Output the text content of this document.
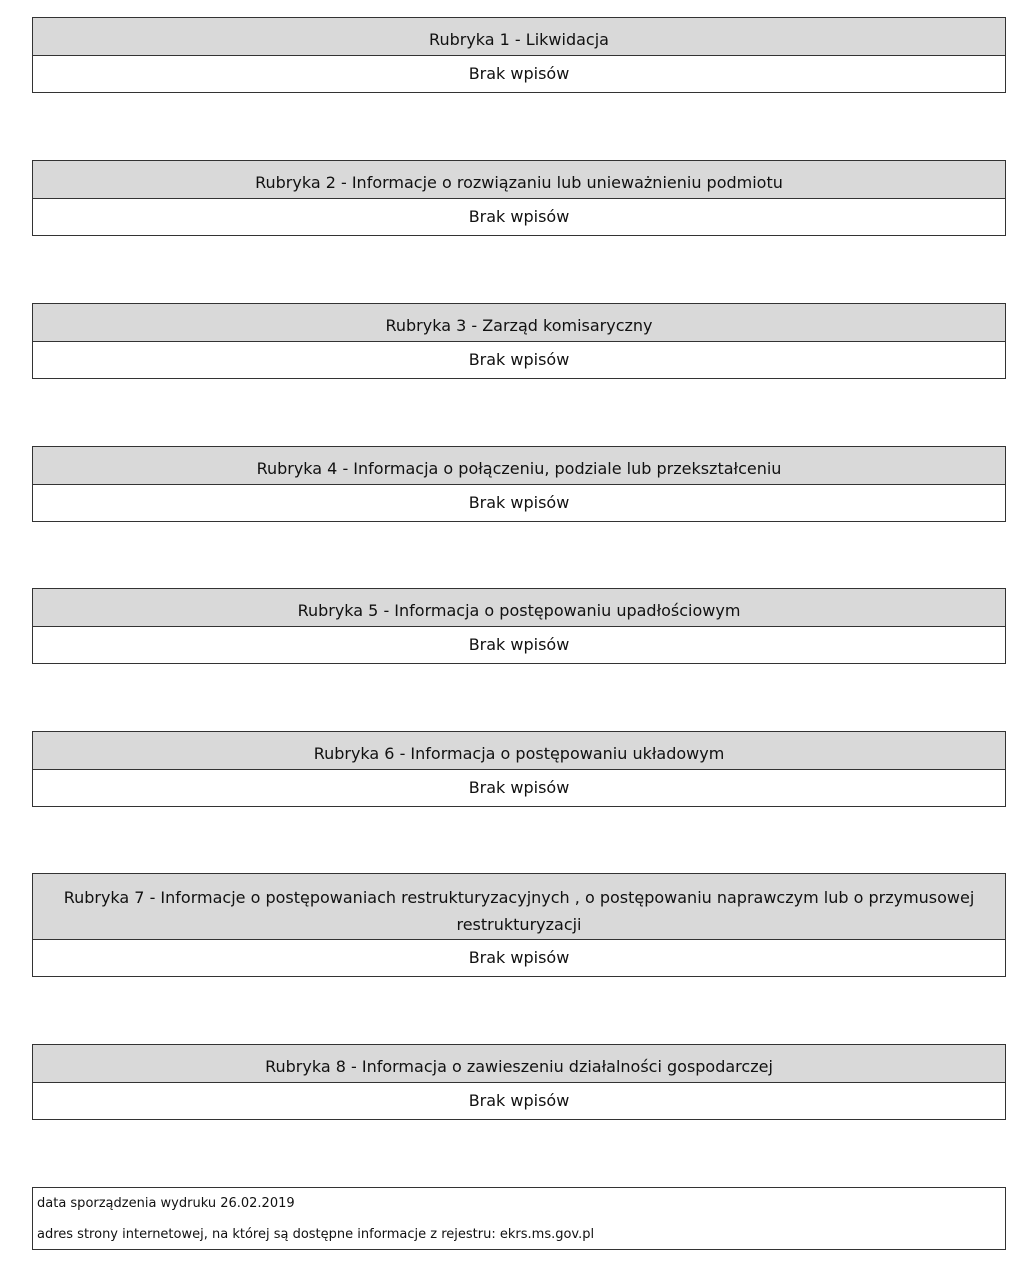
Rubryka 1 - Likwidacja
Brak wpisów
Rubryka 2 - Informacje o rozwiązaniu lub unieważnieniu podmiotu
Brak wpisów
Rubryka 3 - Zarząd komisaryczny
Brak wpisów
Rubryka 4 - Informacja o połączeniu, podziale lub przekształceniu
Brak wpisów
Rubryka 5 - Informacja o postępowaniu upadłościowym
Brak wpisów
Rubryka 6 - Informacja o postępowaniu układowym
Brak wpisów
Rubryka 7 - Informacje o postępowaniach restrukturyzacyjnych , o postępowaniu naprawczym lub o przymusowej restrukturyzacji
Brak wpisów
Rubryka 8 - Informacja o zawieszeniu działalności gospodarczej
Brak wpisów
data sporządzenia wydruku 26.02.2019
adres strony internetowej, na której są dostępne informacje z rejestru: ekrs.ms.gov.pl
